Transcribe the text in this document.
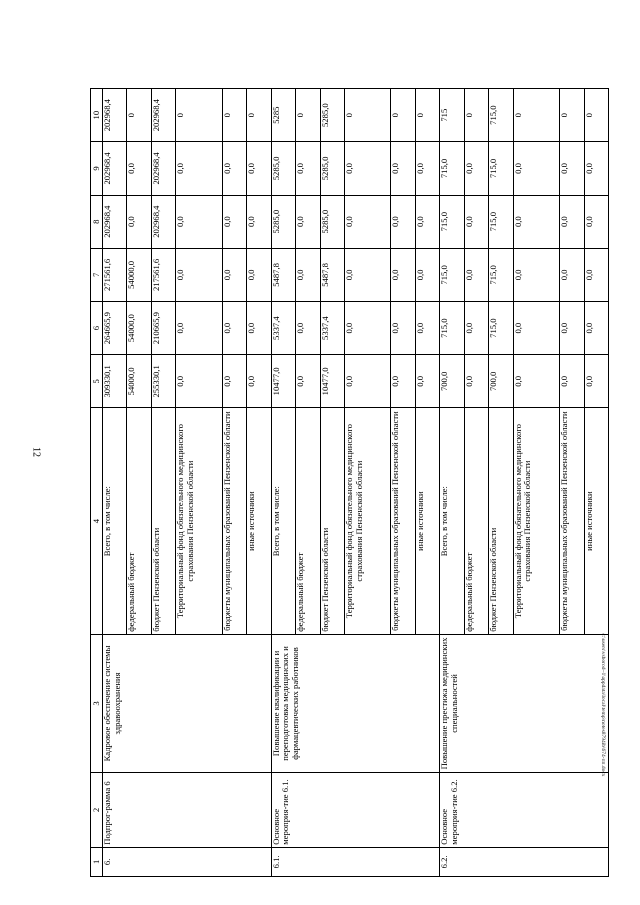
12
c:\users\vsborod~1\appdata\local\temp\notes8794ib\674-пп.docx
1	2	3	4	5	6	7	8	9	10
6.	Подпрог-рамма 6	Кадровое обеспечение системы здравоохранения	Всего, в том числе:	309330,1	264665,9	271561,6	202968,4	202968,4	202968,4
			федеральный бюджет	54000,0	54000,0	54000,0	0,0	0,0	0
			бюджет Пензенской области	255330,1	210665,9	217561,6	202968,4	202968,4	202968,4
			Территориальный фонд обязательного медицинского страхования Пензенской области	0,0	0,0	0,0	0,0	0,0	0
			бюджеты муниципальных образований Пензенской области	0,0	0,0	0,0	0,0	0,0	0
			иные источники	0,0	0,0	0,0	0,0	0,0	0
6.1.	Основное мероприя-тие 6.1.	Повышение квалификации и переподготовка медицинских и фармацевтических работников	Всего, в том числе:	10477,0	5337,4	5487,8	5285,0	5285,0	5285
			федеральный бюджет	0,0	0,0	0,0	0,0	0,0	0
			бюджет Пензенской области	10477,0	5337,4	5487,8	5285,0	5285,0	5285,0
			Территориальный фонд обязательного медицинского страхования Пензенской области	0,0	0,0	0,0	0,0	0,0	0
			бюджеты муниципальных образований Пензенской области	0,0	0,0	0,0	0,0	0,0	0
			иные источники	0,0	0,0	0,0	0,0	0,0	0
6.2.	Основное мероприя-тие 6.2.	Повышение престижа медицинских специальностей	Всего, в том числе:	700,0	715,0	715,0	715,0	715,0	715
			федеральный бюджет	0,0	0,0	0,0	0,0	0,0	0
			бюджет Пензенской области	700,0	715,0	715,0	715,0	715,0	715,0
			Территориальный фонд обязательного медицинского страхования Пензенской области	0,0	0,0	0,0	0,0	0,0	0
			бюджеты муниципальных образований Пензенской области	0,0	0,0	0,0	0,0	0,0	0
			иные источники	0,0	0,0	0,0	0,0	0,0	0
